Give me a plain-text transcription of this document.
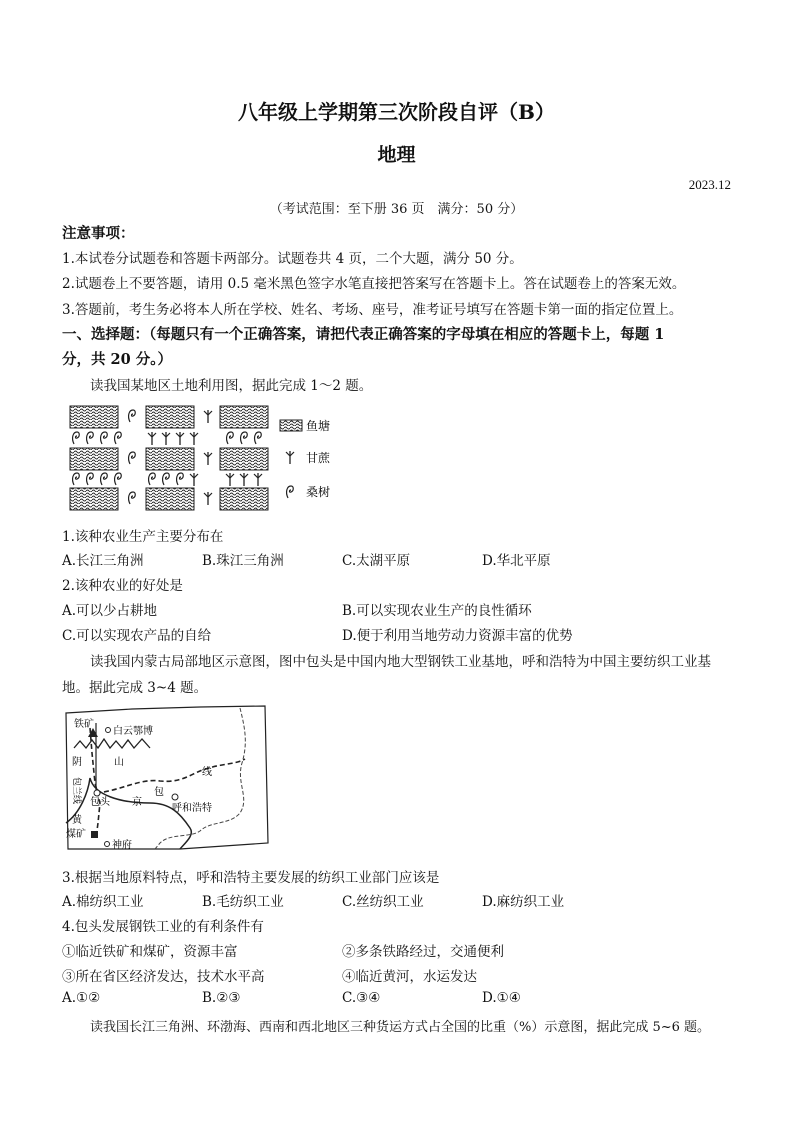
八年级上学期第三次阶段自评（B）
地理
2023.12
（考试范围：至下册 36 页　满分：50 分）
注意事项：
1.本试卷分试题卷和答题卡两部分。试题卷共 4 页，二个大题，满分 50 分。
2.试题卷上不要答题，请用 0.5 毫米黑色签字水笔直接把答案写在答题卡上。答在试题卷上的答案无效。
3.答题前，考生务必将本人所在学校、姓名、考场、座号，准考证号填写在答题卡第一面的指定位置上。
一、选择题：（每题只有一个正确答案，请把代表正确答案的字母填在相应的答题卡上，每题 1
分，共 20 分。）
读我国某地区土地利用图，据此完成 1～2 题。
鱼塘
甘蔗
桑树
1.该种农业生产主要分布在
A.长江三角洲	B.珠江三角洲	C.太湖平原	D.华北平原
2.该种农业的好处是
A.可以少占耕地	B.可以实现农业生产的良性循环
C.可以实现农产品的自给	D.便于利用当地劳动力资源丰富的优势
读我国内蒙古局部地区示意图，图中包头是中国内地大型钢铁工业基地，呼和浩特为中国主要纺织工业基
地。据此完成 3~4 题。
铁矿
白云鄂博
阴	山
包兰线	京
包
线
包头
呼和浩特
黄
煤矿
神府
3.根据当地原料特点，呼和浩特主要发展的纺织工业部门应该是
A.棉纺织工业	B.毛纺织工业	C.丝纺织工业	D.麻纺织工业
4.包头发展钢铁工业的有利条件有
①临近铁矿和煤矿，资源丰富	②多条铁路经过，交通便利
③所在省区经济发达，技术水平高	④临近黄河，水运发达
A.①②	B.②③	C.③④	D.①④
读我国长江三角洲、环渤海、西南和西北地区三种货运方式占全国的比重（%）示意图，据此完成 5~6 题。
